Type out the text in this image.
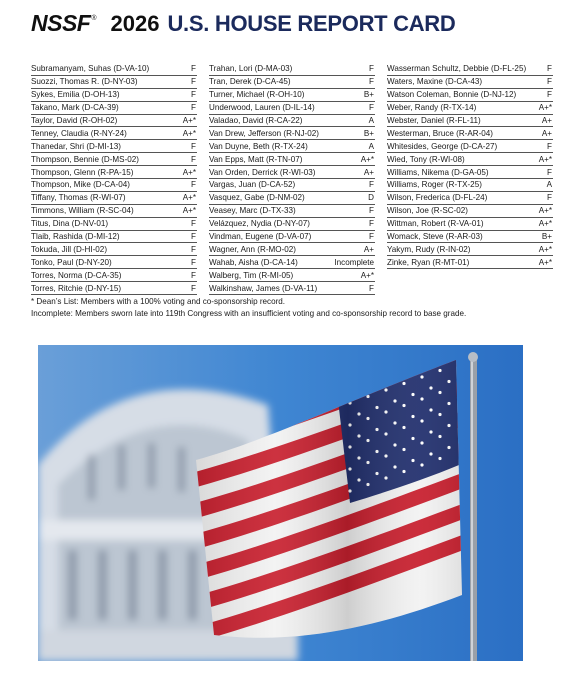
NSSF ® 2026 U.S. HOUSE REPORT CARD
Subramanyam, Suhas (D-VA-10)	F
Suozzi, Thomas R. (D-NY-03)	F
Sykes, Emilia (D-OH-13)	F
Takano, Mark (D-CA-39)	F
Taylor, David (R-OH-02)	A+*
Tenney, Claudia (R-NY-24)	A+*
Thanedar, Shri (D-MI-13)	F
Thompson, Bennie (D-MS-02)	F
Thompson, Glenn (R-PA-15)	A+*
Thompson, Mike (D-CA-04)	F
Tiffany, Thomas (R-WI-07)	A+*
Timmons, William (R-SC-04)	A+*
Titus, Dina (D-NV-01)	F
Tlaib, Rashida (D-MI-12)	F
Tokuda, Jill (D-HI-02)	F
Tonko, Paul (D-NY-20)	F
Torres, Norma (D-CA-35)	F
Torres, Ritchie (D-NY-15)	F
Trahan, Lori (D-MA-03)	F
Tran, Derek (D-CA-45)	F
Turner, Michael (R-OH-10)	B+
Underwood, Lauren (D-IL-14)	F
Valadao, David (R-CA-22)	A
Van Drew, Jefferson (R-NJ-02)	B+
Van Duyne, Beth (R-TX-24)	A
Van Epps, Matt (R-TN-07)	A+*
Van Orden, Derrick (R-WI-03)	A+
Vargas, Juan (D-CA-52)	F
Vasquez, Gabe (D-NM-02)	D
Veasey, Marc (D-TX-33)	F
Velázquez, Nydia (D-NY-07)	F
Vindman, Eugene (D-VA-07)	F
Wagner, Ann (R-MO-02)	A+
Wahab, Aisha (D-CA-14)	Incomplete
Walberg, Tim (R-MI-05)	A+*
Walkinshaw, James (D-VA-11)	F
Wasserman Schultz, Debbie (D-FL-25)	F
Waters, Maxine (D-CA-43)	F
Watson Coleman, Bonnie (D-NJ-12)	F
Weber, Randy (R-TX-14)	A+*
Webster, Daniel (R-FL-11)	A+
Westerman, Bruce (R-AR-04)	A+
Whitesides, George (D-CA-27)	F
Wied, Tony (R-WI-08)	A+*
Williams, Nikema (D-GA-05)	F
Williams, Roger (R-TX-25)	A
Wilson, Frederica (D-FL-24)	F
Wilson, Joe (R-SC-02)	A+*
Wittman, Robert (R-VA-01)	A+*
Womack, Steve (R-AR-03)	B+
Yakym, Rudy (R-IN-02)	A+*
Zinke, Ryan (R-MT-01)	A+*
* Dean’s List: Members with a 100% voting and co-sponsorship record.
Incomplete: Members sworn late into 119th Congress with an insufficient voting and co-sponsorship record to base grade.
